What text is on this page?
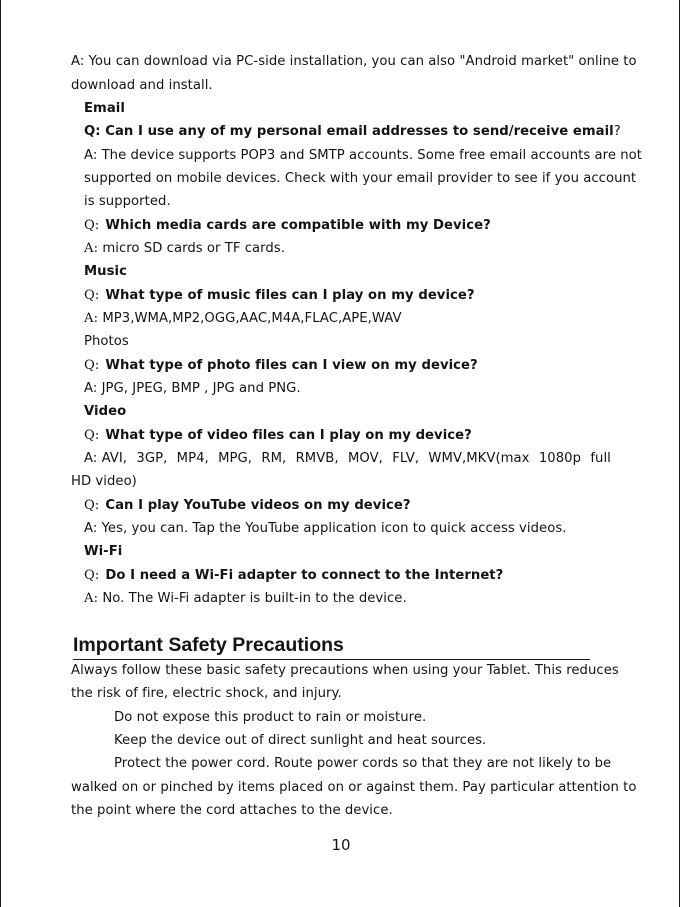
A: You can download via PC-side installation, you can also "Android market" online to
download and install.
Email
Q: Can I use any of my personal email addresses to send/receive email?
A: The device supports POP3 and SMTP accounts. Some free email accounts are not
supported on mobile devices. Check with your email provider to see if you account
is supported.
Q: Which media cards are compatible with my Device?
A: micro SD cards or TF cards.
Music
Q: What type of music files can I play on my device?
A: MP3,WMA,MP2,OGG,AAC,M4A,FLAC,APE,WAV
Photos
Q: What type of photo files can I view on my device?
A: JPG, JPEG, BMP , JPG and PNG.
Video
Q: What type of video files can I play on my device?
A: AVI, 3GP, MP4, MPG, RM, RMVB, MOV, FLV, WMV,MKV(max 1080p full
HD video)
Q: Can I play YouTube videos on my device?
A: Yes, you can. Tap the YouTube application icon to quick access videos.
Wi-Fi
Q: Do I need a Wi-Fi adapter to connect to the Internet?
A: No. The Wi-Fi adapter is built-in to the device.
Important Safety Precautions
Always follow these basic safety precautions when using your Tablet. This reduces
the risk of fire, electric shock, and injury.
Do not expose this product to rain or moisture.
Keep the device out of direct sunlight and heat sources.
Protect the power cord. Route power cords so that they are not likely to be
walked on or pinched by items placed on or against them. Pay particular attention to
the point where the cord attaches to the device.
10
